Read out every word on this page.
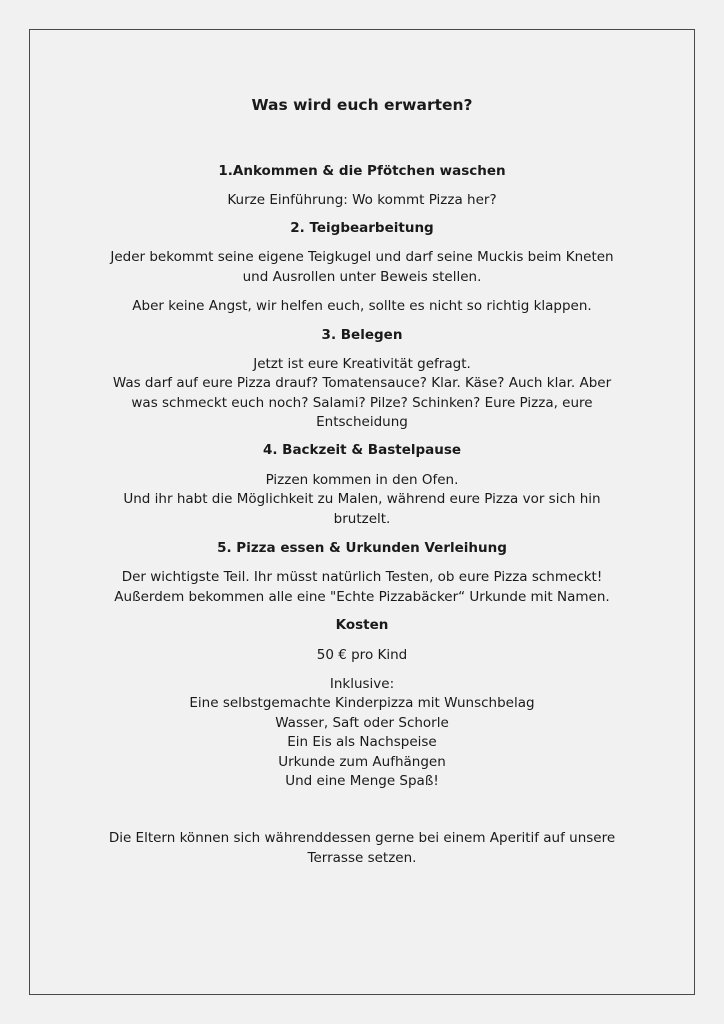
Was wird euch erwarten?
1.Ankommen & die Pfötchen waschen

Kurze Einführung: Wo kommt Pizza her?

2. Teigbearbeitung

Jeder bekommt seine eigene Teigkugel und darf seine Muckis beim Kneten

und Ausrollen unter Beweis stellen.

Aber keine Angst, wir helfen euch, sollte es nicht so richtig klappen.

3. Belegen

Jetzt ist eure Kreativität gefragt.

Was darf auf eure Pizza drauf? Tomatensauce? Klar. Käse? Auch klar. Aber

was schmeckt euch noch? Salami? Pilze? Schinken? Eure Pizza, eure

Entscheidung

4. Backzeit & Bastelpause

Pizzen kommen in den Ofen.

Und ihr habt die Möglichkeit zu Malen, während eure Pizza vor sich hin

brutzelt.

5. Pizza essen & Urkunden Verleihung

Der wichtigste Teil. Ihr müsst natürlich Testen, ob eure Pizza schmeckt!

Außerdem bekommen alle eine "Echte Pizzabäcker“ Urkunde mit Namen.

Kosten

50 € pro Kind

Inklusive:

Eine selbstgemachte Kinderpizza mit Wunschbelag

Wasser, Saft oder Schorle

Ein Eis als Nachspeise

Urkunde zum Aufhängen

Und eine Menge Spaß!

Die Eltern können sich währenddessen gerne bei einem Aperitif auf unsere

Terrasse setzen.
